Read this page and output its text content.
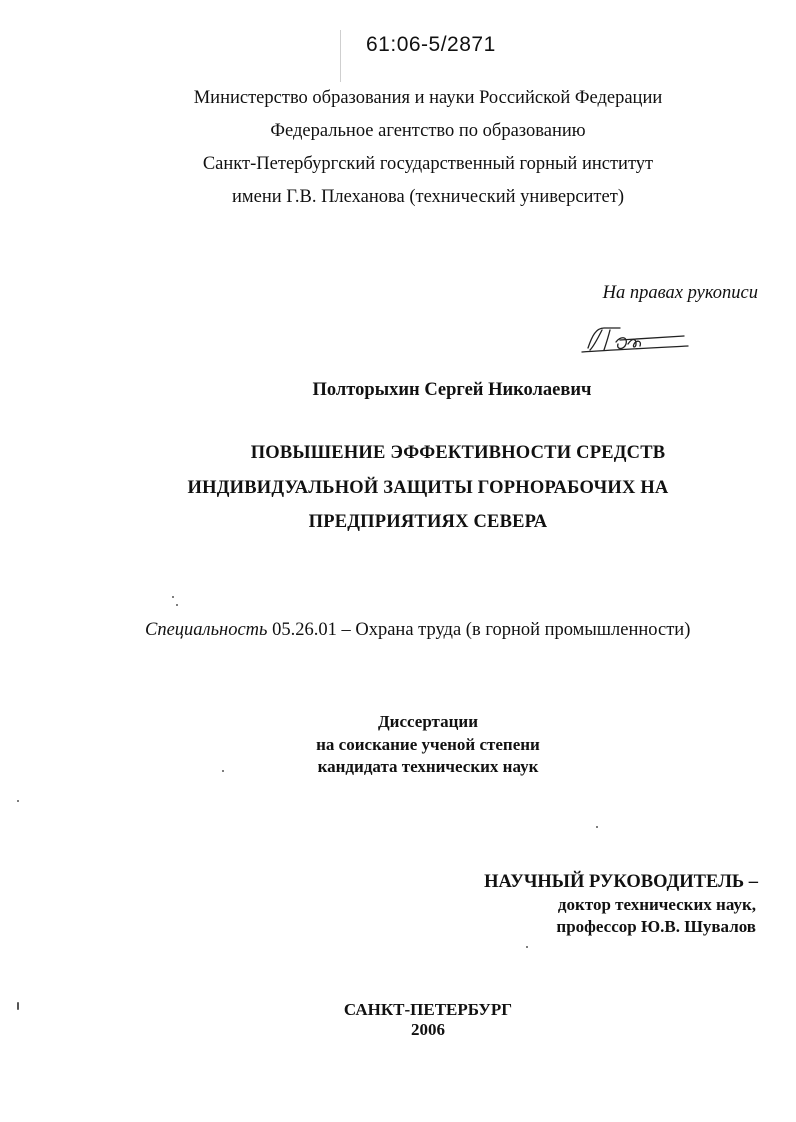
61:06-5/2871
Министерство образования и науки Российской Федерации
Федеральное агентство по образованию
Санкт-Петербургский государственный горный институт
имени Г.В. Плеханова (технический университет)
На правах рукописи
Полторыхин Сергей Николаевич
ПОВЫШЕНИЕ ЭФФЕКТИВНОСТИ СРЕДСТВ
ИНДИВИДУАЛЬНОЙ ЗАЩИТЫ ГОРНОРАБОЧИХ НА
ПРЕДПРИЯТИЯХ СЕВЕРА
Специальность 05.26.01 – Охрана труда (в горной промышленности)
Диссертации
на соискание ученой степени
кандидата технических наук
НАУЧНЫЙ РУКОВОДИТЕЛЬ –
доктор технических наук,
профессор Ю.В. Шувалов
САНКТ-ПЕТЕРБУРГ
2006
